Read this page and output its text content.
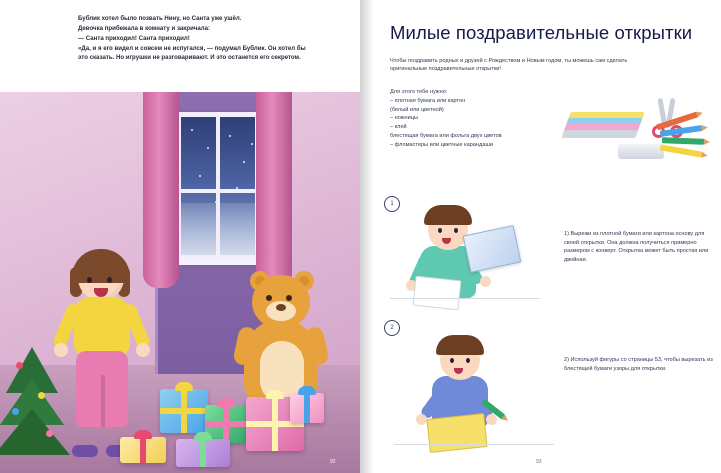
Бублик хотел было позвать Нину, но Санта уже ушёл.

Девочка прибежала в комнату и закричала:

— Санта приходил! Санта приходил!

«Да, и я его видел и совсем не испугался, — подумал Бублик. Он хотел бы это сказать. Но игрушки не разговаривают. И это останется его секретом.

92
Милые поздравительные открытки
Чтобы поздравить родных и друзей с Рождеством и Новым годом, ты можешь сам сделать оригинальные поздравительные открытки!
Для этого тебе нужно:
– плотная бумага или картон
(белый или цветной)
– ножницы
– клей
блестящая бумага или фольга двух цветов
– фломастеры или цветные карандаши
1
1) Вырежи из плотной бумаги или картона основу для своей открытки. Она должна получиться примерно размером с конверт. Открытка может быть простая или двойная.
2
2) Используй фигуры со страницы 53, чтобы вырезать из блестящей бумаги узоры для открытки.
93
